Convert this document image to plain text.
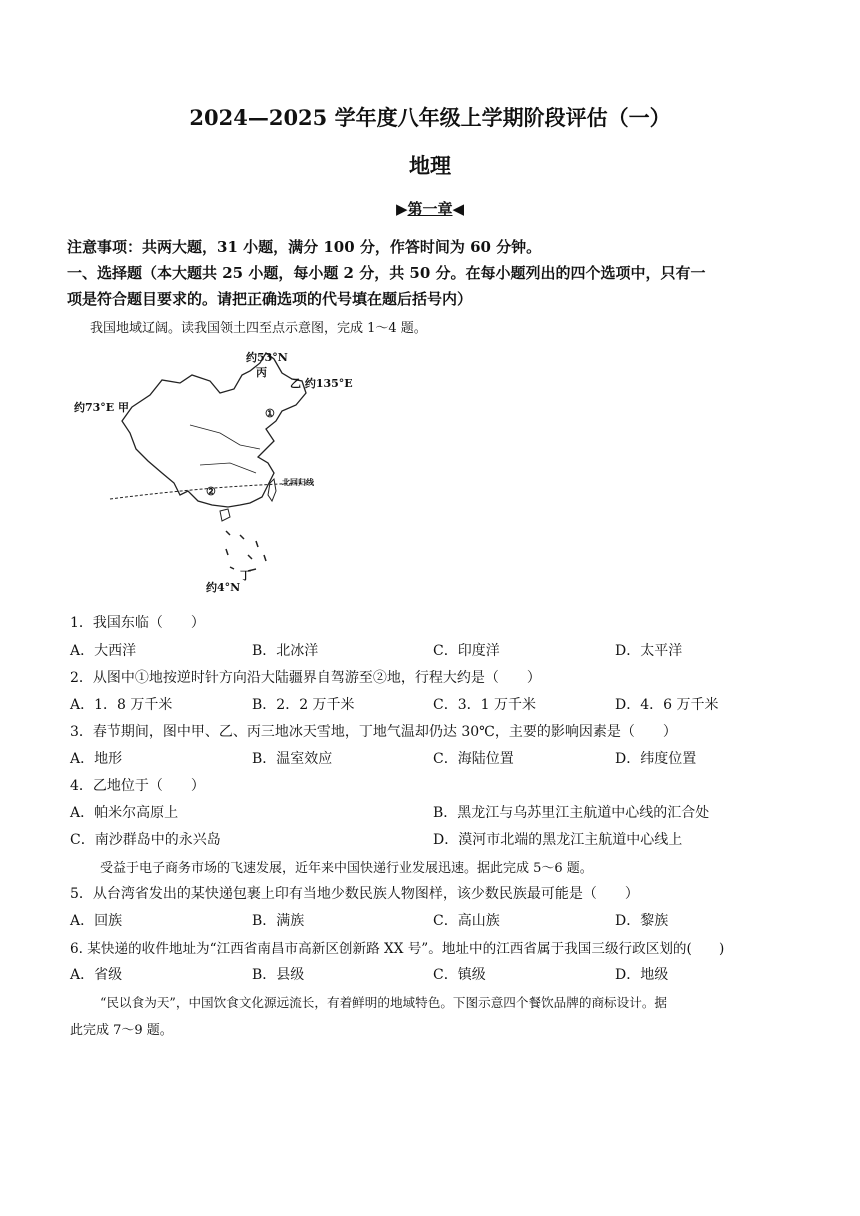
2024—2025 学年度八年级上学期阶段评估（一）
地理
▶第一章◀
注意事项：共两大题，31 小题，满分 100 分，作答时间为 60 分钟。
一、选择题（本大题共 25 小题，每小题 2 分，共 50 分。在每小题列出的四个选项中，只有一
项是符合题目要求的。请把正确选项的代号填在题后括号内）
我国地域辽阔。读我国领土四至点示意图，完成 1～4 题。
约53°N
丙
乙 约135°E
约73°E 甲	①
②
北回归线
丁
约4°N
1．我国东临（　　）
A．大西洋	B．北冰洋	C．印度洋	D．太平洋
2．从图中①地按逆时针方向沿大陆疆界自驾游至②地，行程大约是（　　）
A．1．8 万千米	B．2．2 万千米	C．3．1 万千米	D．4．6 万千米
3．春节期间，图中甲、乙、丙三地冰天雪地，丁地气温却仍达 30℃，主要的影响因素是（　　）
A．地形	B．温室效应	C．海陆位置	D．纬度位置
4．乙地位于（　　）
A．帕米尔高原上	B．黑龙江与乌苏里江主航道中心线的汇合处
C．南沙群岛中的永兴岛	D．漠河市北端的黑龙江主航道中心线上
受益于电子商务市场的飞速发展，近年来中国快递行业发展迅速。据此完成 5～6 题。
5．从台湾省发出的某快递包裹上印有当地少数民族人物图样，该少数民族最可能是（　　）
A．回族	B．满族	C．高山族	D．黎族
6. 某快递的收件地址为“江西省南昌市高新区创新路 XX 号”。地址中的江西省属于我国三级行政区划的(　　)
A．省级	B．县级	C．镇级	D．地级
“民以食为天”，中国饮食文化源远流长，有着鲜明的地域特色。下图示意四个餐饮品牌的商标设计。据
此完成 7～9 题。
